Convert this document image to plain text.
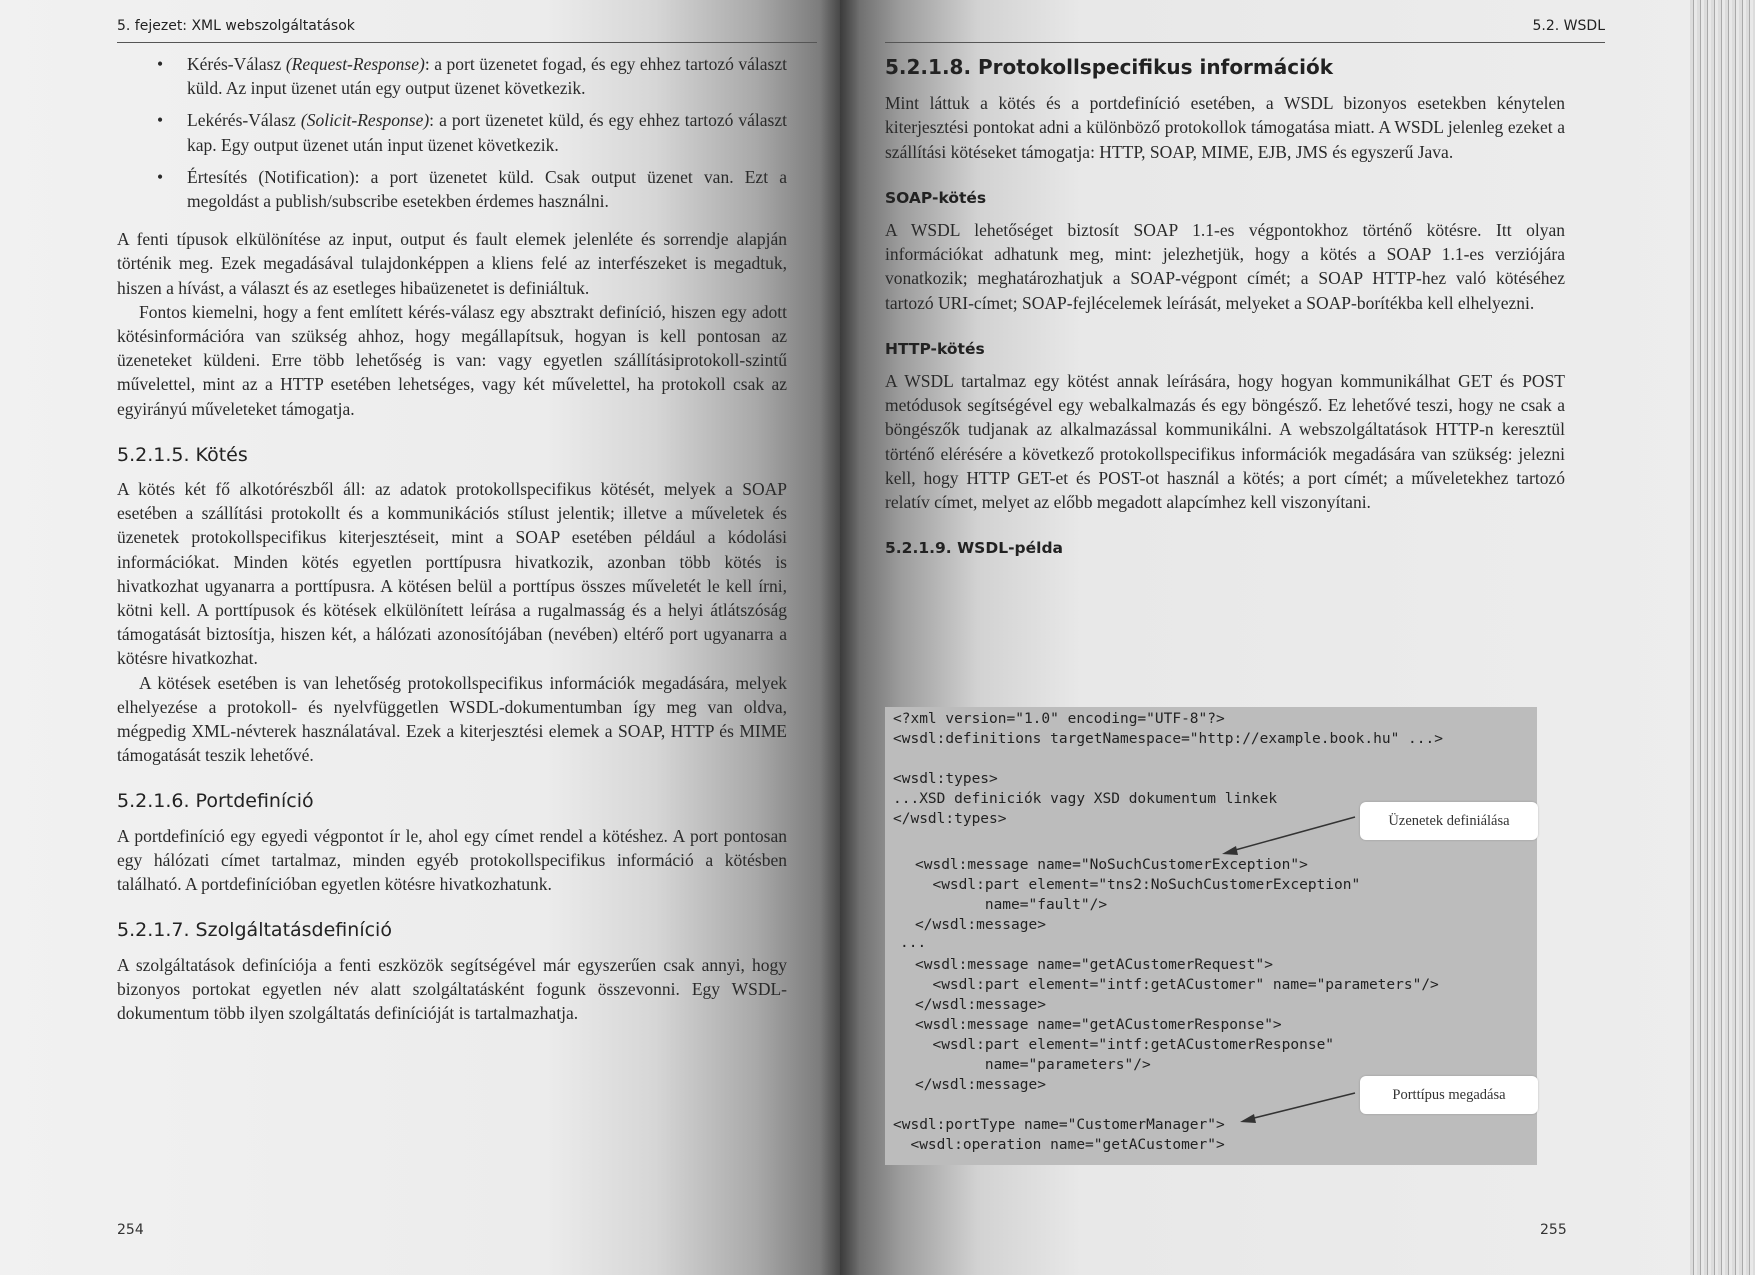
5. fejezet: XML webszolgáltatások
• Kérés-Válasz (Request-Response): a port üzenetet fogad, és egy ehhez tartozó választ küld. Az input üzenet után egy output üzenet következik.
• Lekérés-Válasz (Solicit-Response): a port üzenetet küld, és egy ehhez tartozó választ kap. Egy output üzenet után input üzenet következik.
• Értesítés (Notification): a port üzenetet küld. Csak output üzenet van. Ezt a megoldást a publish/subscribe esetekben érdemes használni.

A fenti típusok elkülönítése az input, output és fault elemek jelenléte és sorrendje alapján történik meg. Ezek megadásával tulajdonképpen a kliens felé az interfészeket is megadtuk, hiszen a hívást, a választ és az esetleges hibaüzenetet is definiáltuk.

Fontos kiemelni, hogy a fent említett kérés-válasz egy absztrakt definíció, hiszen egy adott kötésinformációra van szükség ahhoz, hogy megállapítsuk, hogyan is kell pontosan az üzeneteket küldeni. Erre több lehetőség is van: vagy egyetlen szállításiprotokoll-szintű művelettel, mint az a HTTP esetében lehetséges, vagy két művelettel, ha protokoll csak az egyirányú műveleteket támogatja.

5.2.1.5. Kötés

A kötés két fő alkotórészből áll: az adatok protokollspecifikus kötését, melyek a SOAP esetében a szállítási protokollt és a kommunikációs stílust jelentik; illetve a műveletek és üzenetek protokollspecifikus kiterjesztéseit, mint a SOAP esetében például a kódolási információkat. Minden kötés egyetlen porttípusra hivatkozik, azonban több kötés is hivatkozhat ugyanarra a porttípusra. A kötésen belül a porttípus összes műveletét le kell írni, kötni kell. A porttípusok és kötések elkülönített leírása a rugalmasság és a helyi átlátszóság támogatását biztosítja, hiszen két, a hálózati azonosítójában (nevében) eltérő port ugyanarra a kötésre hivatkozhat.

A kötések esetében is van lehetőség protokollspecifikus információk megadására, melyek elhelyezése a protokoll- és nyelvfüggetlen WSDL-dokumentumban így meg van oldva, mégpedig XML-névterek használatával. Ezek a kiterjesztési elemek a SOAP, HTTP és MIME támogatását teszik lehetővé.

5.2.1.6. Portdefiníció

A portdefiníció egy egyedi végpontot ír le, ahol egy címet rendel a kötéshez. A port pontosan egy hálózati címet tartalmaz, minden egyéb protokollspecifikus információ a kötésben található. A portdefinícióban egyetlen kötésre hivatkozhatunk.

5.2.1.7. Szolgáltatásdefiníció

A szolgáltatások definíciója a fenti eszközök segítségével már egyszerűen csak annyi, hogy bizonyos portokat egyetlen név alatt szolgáltatásként fogunk összevonni. Egy WSDL-dokumentum több ilyen szolgáltatás definícióját is tartalmazhatja.

254
5.2. WSDL
5.2.1.8. Protokollspecifikus információk

Mint láttuk a kötés és a portdefiníció esetében, a WSDL bizonyos esetekben kénytelen kiterjesztési pontokat adni a különböző protokollok támogatása miatt. A WSDL jelenleg ezeket a szállítási kötéseket támogatja: HTTP, SOAP, MIME, EJB, JMS és egyszerű Java.

SOAP-kötés

A WSDL lehetőséget biztosít SOAP 1.1-es végpontokhoz történő kötésre. Itt olyan információkat adhatunk meg, mint: jelezhetjük, hogy a kötés a SOAP 1.1-es verziójára vonatkozik; meghatározhatjuk a SOAP-végpont címét; a SOAP HTTP-hez való kötéséhez tartozó URI-címet; SOAP-fejlécelemek leírását, melyeket a SOAP-borítékba kell elhelyezni.

HTTP-kötés

A WSDL tartalmaz egy kötést annak leírására, hogy hogyan kommunikálhat GET és POST metódusok segítségével egy webalkalmazás és egy böngésző. Ez lehetővé teszi, hogy ne csak a böngészők tudjanak az alkalmazással kommunikálni. A webszolgáltatások HTTP-n keresztül történő elérésére a következő protokollspecifikus információk megadására van szükség: jelezni kell, hogy HTTP GET-et és POST-ot használ a kötés; a port címét; a műveletekhez tartozó relatív címet, melyet az előbb megadott alapcímhez kell viszonyítani.

5.2.1.9. WSDL-példa
<?xml version="1.0" encoding="UTF-8"?>
<wsdl:definitions targetNamespace="http://example.book.hu" ...>
<wsdl:types>
...XSD definiciók vagy XSD dokumentum linkek
</wsdl:types>
<wsdl:message name="NoSuchCustomerException">
<wsdl:part element="tns2:NoSuchCustomerException"
name="fault"/>
</wsdl:message>
...
<wsdl:message name="getACustomerRequest">
<wsdl:part element="intf:getACustomer" name="parameters"/>
</wsdl:message>
<wsdl:message name="getACustomerResponse">
<wsdl:part element="intf:getACustomerResponse"
name="parameters"/>
</wsdl:message>
<wsdl:portType name="CustomerManager">
<wsdl:operation name="getACustomer">
Üzenetek definiálása
Porttípus megadása
255
